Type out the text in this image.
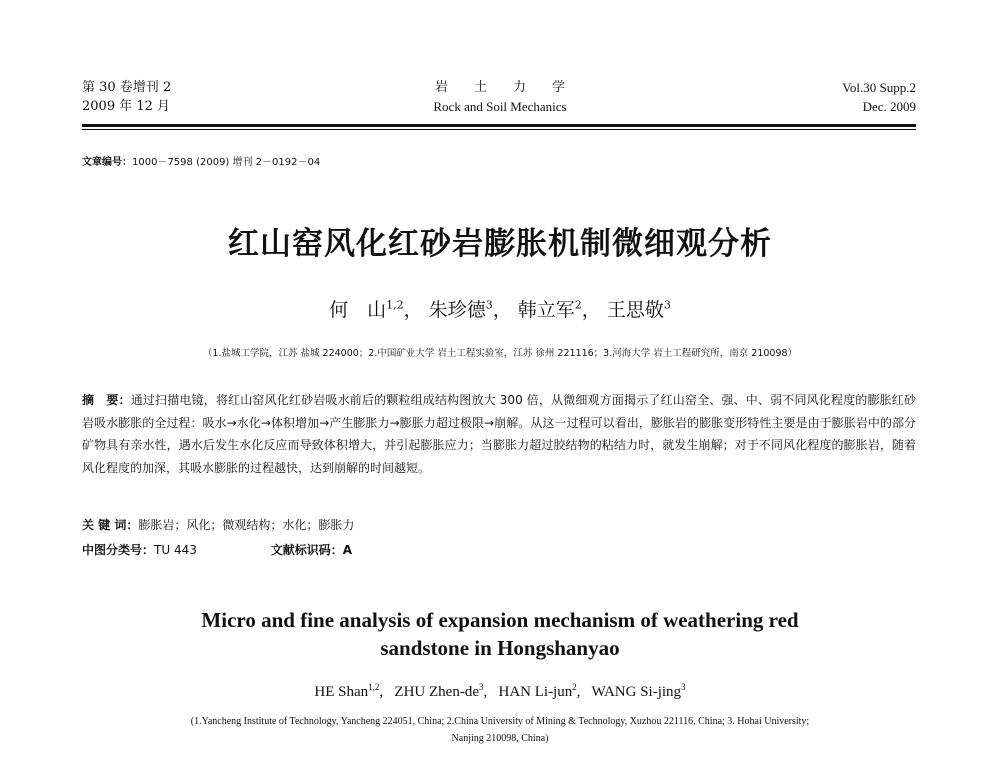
第 30 卷增刊 2
2009 年 12 月
岩土力学
Rock and Soil Mechanics
Vol.30 Supp.2
Dec. 2009
文章编号：1000－7598 (2009) 增刊 2－0192－04
红山窑风化红砂岩膨胀机制微细观分析
何　山$^{1,2}$， 朱珍德$^3$， 韩立军$^2$， 王思敬$^3$
（1.盐城工学院，江苏 盐城 224000；2.中国矿业大学 岩土工程实验室，江苏 徐州 221116；3.河海大学 岩土工程研究所，南京 210098）
摘　要：通过扫描电镜，将红山窑风化红砂岩吸水前后的颗粒组成结构图放大 300 倍，从微细观方面揭示了红山窑全、强、中、弱不同风化程度的膨胀红砂岩吸水膨胀的全过程：吸水→水化→体积增加→产生膨胀力→膨胀力超过极限→崩解。从这一过程可以看出，膨胀岩的膨胀变形特性主要是由于膨胀岩中的部分矿物具有亲水性，遇水后发生水化反应而导致体积增大，并引起膨胀应力；当膨胀力超过胶结物的粘结力时，就发生崩解；对于不同风化程度的膨胀岩，随着风化程度的加深，其吸水膨胀的过程越快，达到崩解的时间越短。
关 键 词：膨胀岩；风化；微观结构；水化；膨胀力
中图分类号：TU 443	文献标识码：A
Micro and fine analysis of expansion mechanism of weathering red
sandstone in Hongshanyao
HE Shan$^{1,2}$,   ZHU Zhen-$de^3$,   HAN Li-jun$^2$,   WANG Si-jing$^3$
(1.Yancheng Institute of Technology, Yancheng 224051, China; 2.China University of Mining & Technology, Xuzhou 221116, China; 3. Hohai University;
Nanjing 210098, China)
